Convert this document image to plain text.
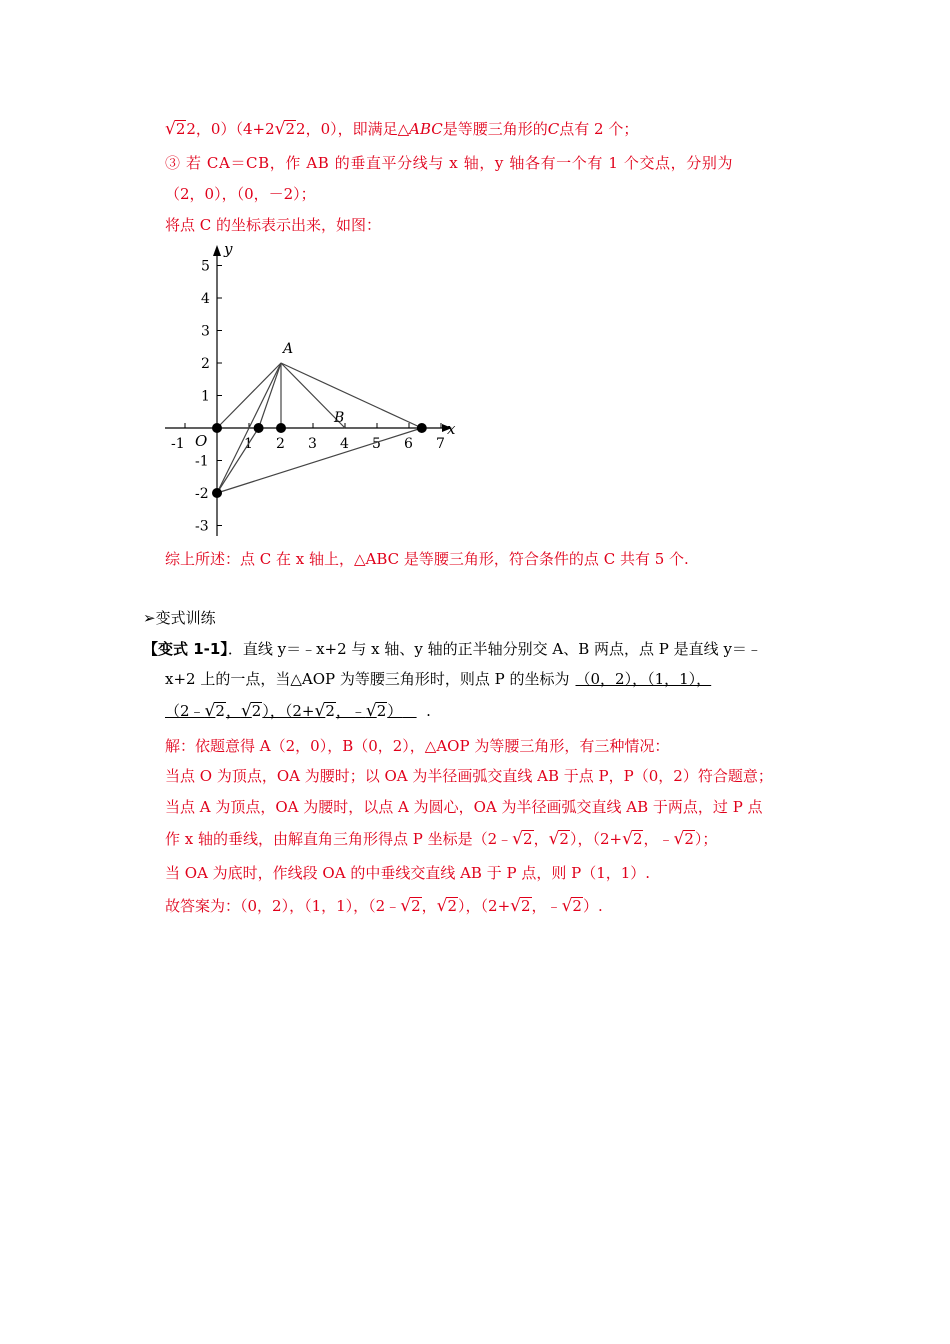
√22，0）（4+2√22，0），即满足△ABC是等腰三角形的C点有 2 个；
③ 若 CA＝CB，作 AB 的垂直平分线与 x 轴，y 轴各有一个有 1 个交点，分别为
（2，0），（0，－2）；
将点 C 的坐标表示出来，如图：
-1	1 2 3 4 5 6 7
5
4
3
2
1
-1
-2
-3
x
y
O
A
B
综上所述：点 C 在 x 轴上，△ABC 是等腰三角形，符合条件的点 C 共有 5 个.
➢变式训练
【变式 1-1】．直线 y＝﹣x+2 与 x 轴、y 轴的正半轴分别交 A、B 两点，点 P 是直线 y＝﹣
x+2 上的一点，当△AOP 为等腰三角形时，则点 P 的坐标为 （0，2），（1，1），
（2﹣√2，√2），（2+√2，﹣√2） .
解：依题意得 A（2，0），B（0，2），△AOP 为等腰三角形，有三种情况：
当点 O 为顶点，OA 为腰时；以 OA 为半径画弧交直线 AB 于点 P，P（0，2）符合题意；
当点 A 为顶点，OA 为腰时，以点 A 为圆心，OA 为半径画弧交直线 AB 于两点，过 P 点
作 x 轴的垂线，由解直角三角形得点 P 坐标是（2﹣√2，√2），（2+√2，﹣√2）；
当 OA 为底时，作线段 OA 的中垂线交直线 AB 于 P 点，则 P（1，1）.
故答案为：（0，2），（1，1），（2﹣√2，√2），（2+√2，﹣√2）.
